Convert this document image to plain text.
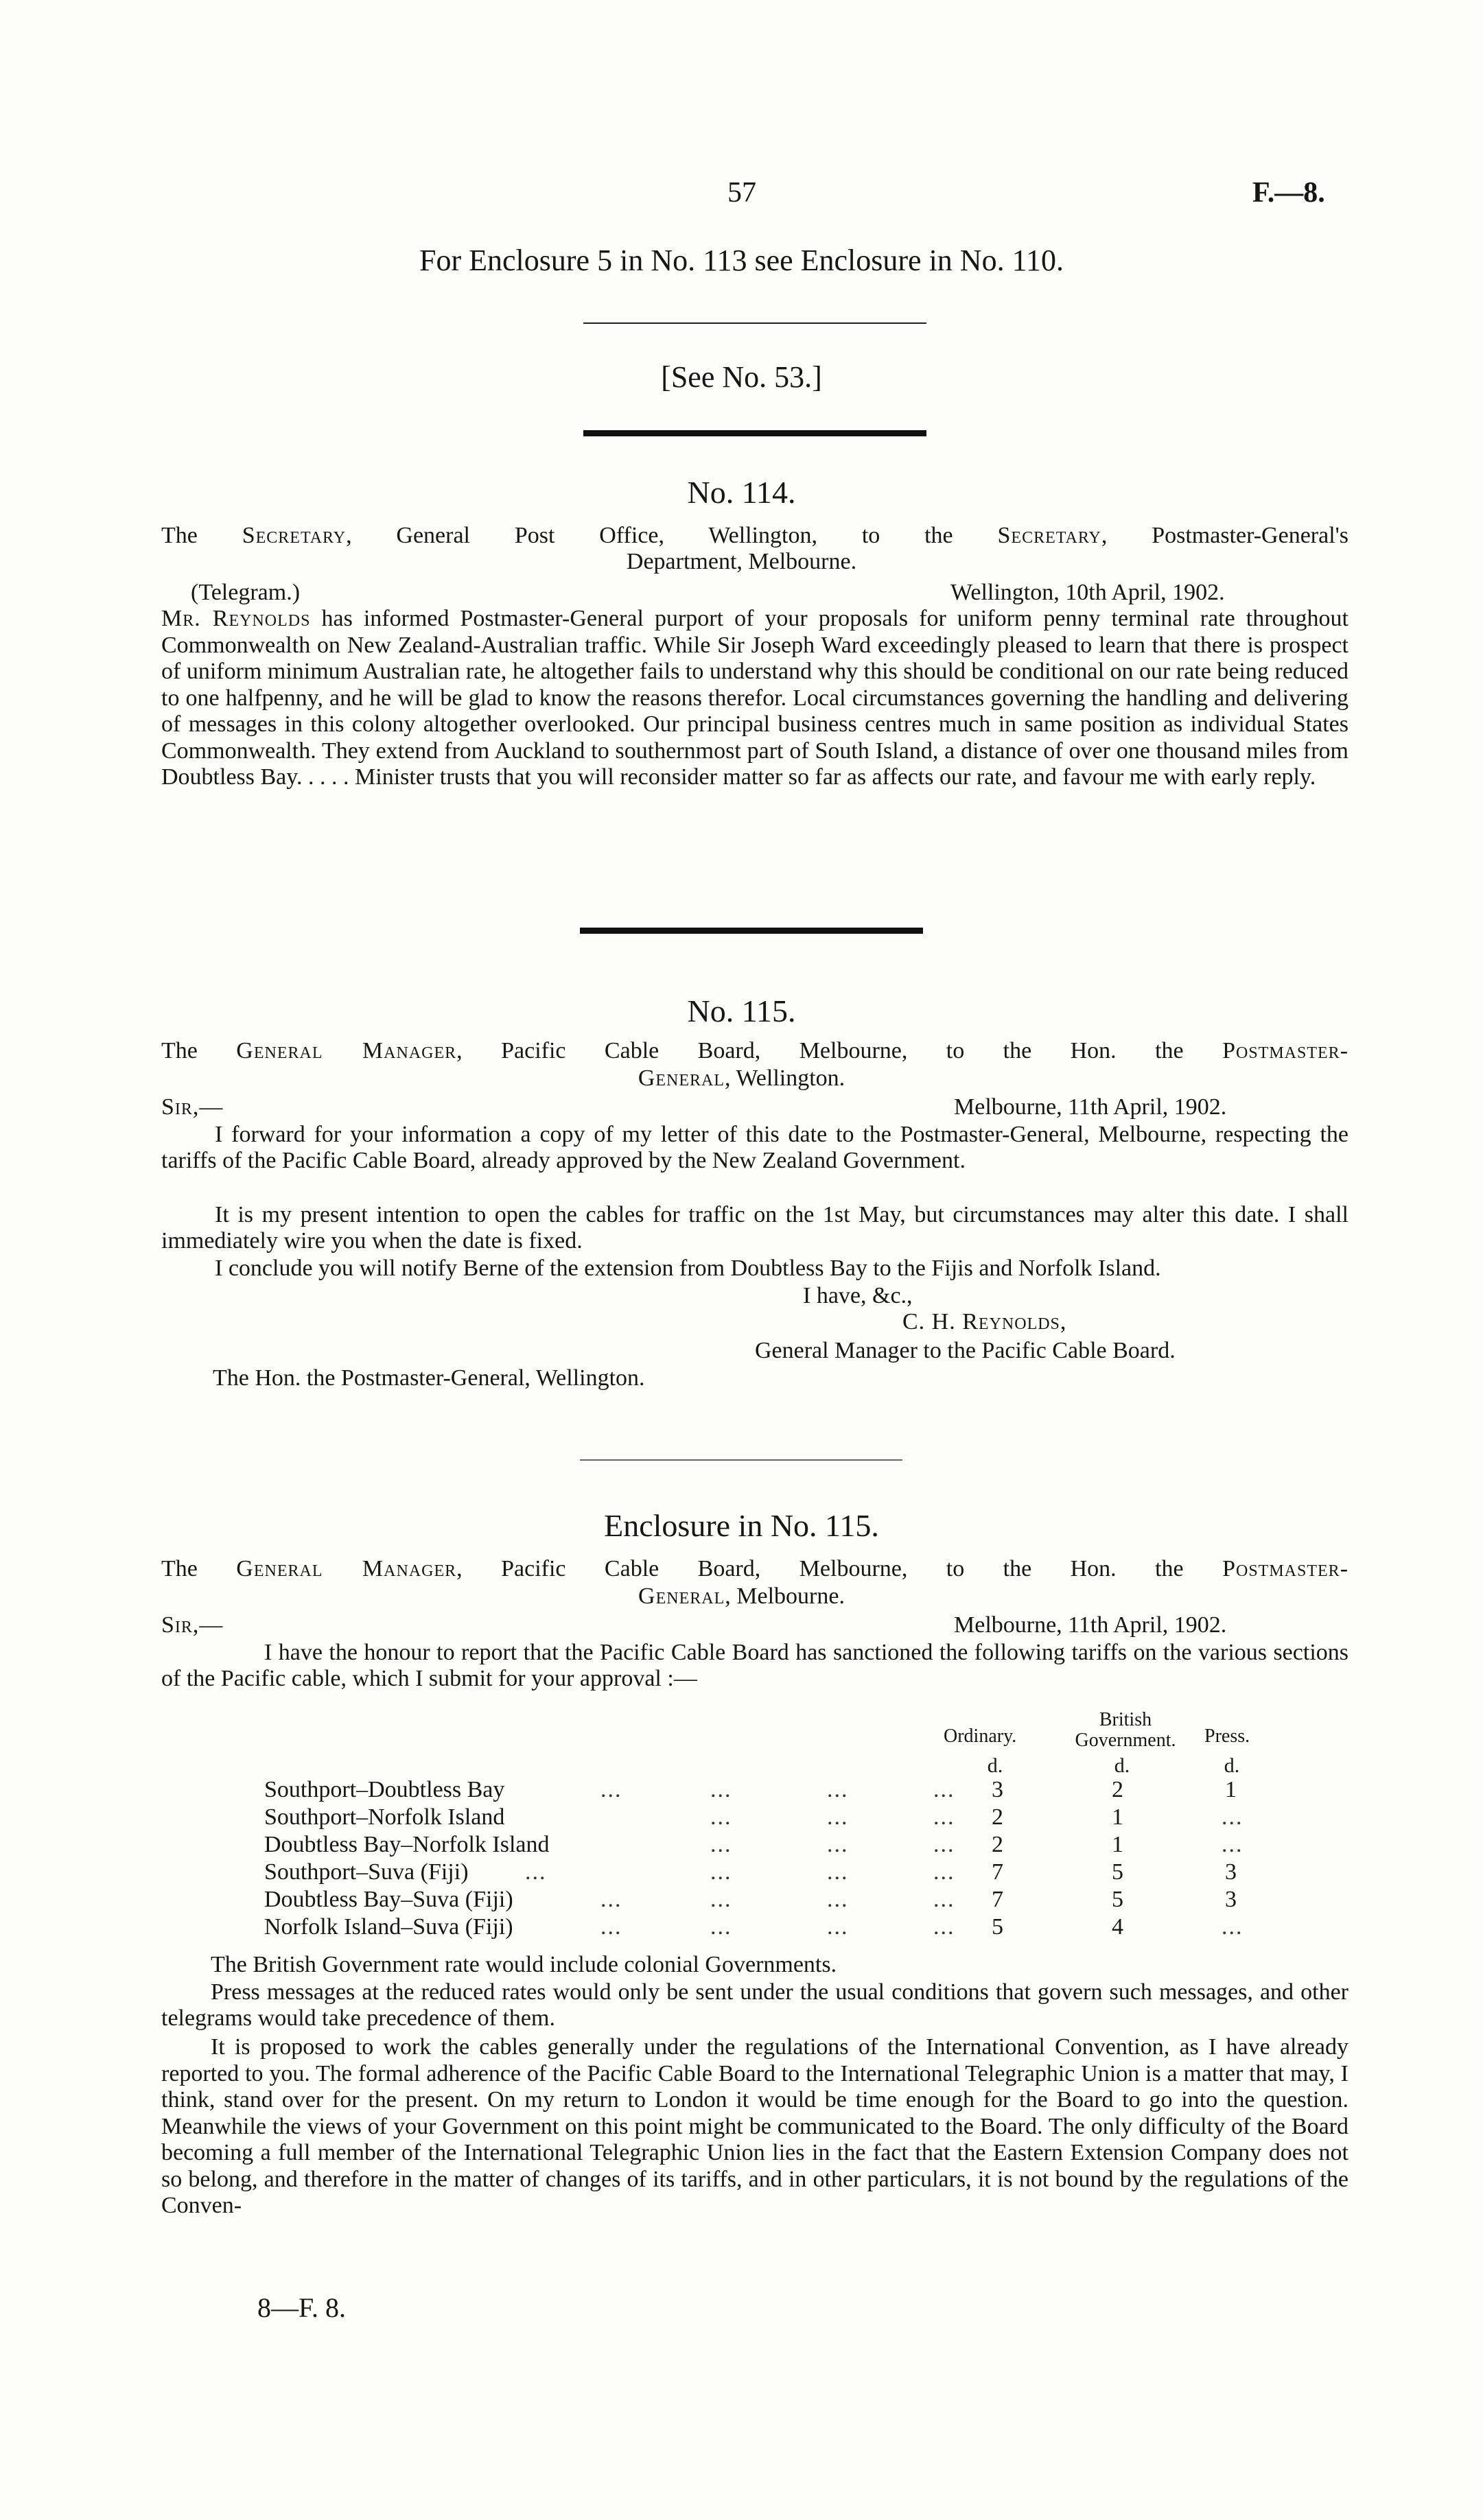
57	F.—8.
For Enclosure 5 in No. 113 see Enclosure in No. 110.
[See No. 53.]
No. 114.
The Secretary, General Post Office, Wellington, to the Secretary, Postmaster-General's
Department, Melbourne.
(Telegram.)	Wellington, 10th April, 1902.
Mr. Reynolds has informed Postmaster-General purport of your proposals for uniform penny terminal rate throughout Commonwealth on New Zealand-Australian traffic. While Sir Joseph Ward exceedingly pleased to learn that there is prospect of uniform minimum Australian rate, he altogether fails to understand why this should be conditional on our rate being reduced to one halfpenny, and he will be glad to know the reasons therefor. Local circumstances governing the handling and delivering of messages in this colony altogether overlooked. Our principal business centres much in same position as individual States Commonwealth. They extend from Auckland to southernmost part of South Island, a distance of over one thousand miles from Doubtless Bay. . . . . Minister trusts that you will reconsider matter so far as affects our rate, and favour me with early reply.
No. 115.
The General Manager, Pacific Cable Board, Melbourne, to the Hon. the Postmaster-
General, Wellington.
Sir,—	Melbourne, 11th April, 1902.
I forward for your information a copy of my letter of this date to the Postmaster-General, Melbourne, respecting the tariffs of the Pacific Cable Board, already approved by the New Zealand Government.
It is my present intention to open the cables for traffic on the 1st May, but circumstances may alter this date. I shall immediately wire you when the date is fixed.
I conclude you will notify Berne of the extension from Doubtless Bay to the Fijis and Norfolk Island.
I have, &c.,
C. H. Reynolds,
General Manager to the Pacific Cable Board.
The Hon. the Postmaster-General, Wellington.
Enclosure in No. 115.
The General Manager, Pacific Cable Board, Melbourne, to the Hon. the Postmaster-
General, Melbourne.
Sir,—	Melbourne, 11th April, 1902.
I have the honour to report that the Pacific Cable Board has sanctioned the following tariffs on the various sections of the Pacific cable, which I submit for your approval :—
Ordinary.
British Government.	Press.
d.	d.	d.
Southport–Doubtless Bay	...	...	...	... 3	2	1
Southport–Norfolk Island	...	...	... 2	1	...
Doubtless Bay–Norfolk Island	...	...	... 2	1	...
Southport–Suva (Fiji) ...	...	...	... 7	5	3
Doubtless Bay–Suva (Fiji)	...	...	...	... 7	5	3
Norfolk Island–Suva (Fiji)	...	...	...	... 5	4	...
The British Government rate would include colonial Governments.
Press messages at the reduced rates would only be sent under the usual conditions that govern such messages, and other telegrams would take precedence of them.
It is proposed to work the cables generally under the regulations of the International Convention, as I have already reported to you. The formal adherence of the Pacific Cable Board to the International Telegraphic Union is a matter that may, I think, stand over for the present. On my return to London it would be time enough for the Board to go into the question. Meanwhile the views of your Government on this point might be communicated to the Board. The only difficulty of the Board becoming a full member of the International Telegraphic Union lies in the fact that the Eastern Extension Company does not so belong, and therefore in the matter of changes of its tariffs, and in other particulars, it is not bound by the regulations of the Conven-
8—F. 8.
